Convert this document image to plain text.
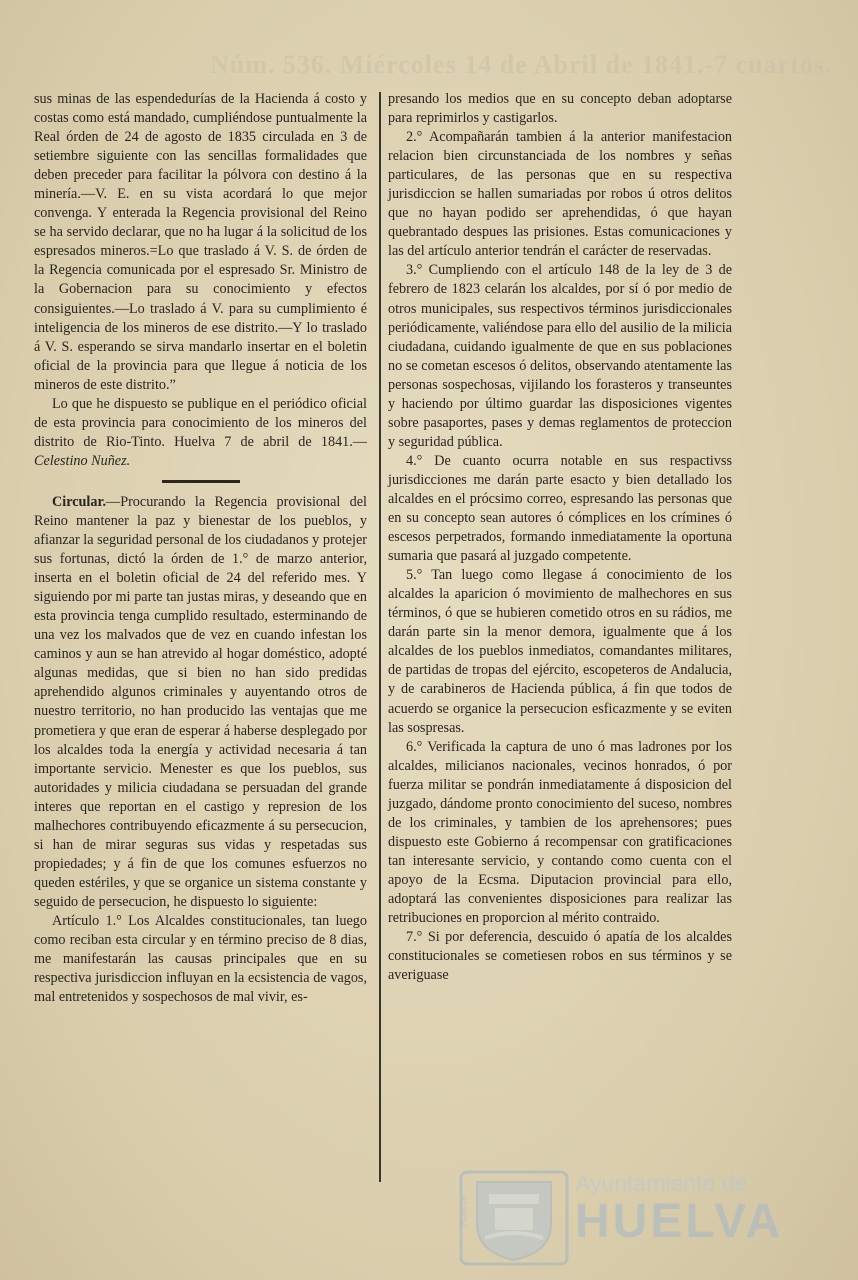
Núm. 536. Miércoles 14 de Abril de 1841.-7 cuartos.

sus minas de las espendedurías de la Hacienda á costo y costas como está mandado, cumpliéndose puntualmente la Real órden de 24 de agosto de 1835 circulada en 3 de setiembre siguiente con las sencillas formalidades que deben preceder para facilitar la pólvora con destino á la minería.—V. E. en su vista acordará lo que mejor convenga. Y enterada la Regencia provisional del Reino se ha servido declarar, que no ha lugar á la solicitud de los espresados mineros.=Lo que traslado á V. S. de órden de la Regencia comunicada por el espresado Sr. Ministro de la Gobernacion para su conocimiento y efectos consiguientes.—Lo traslado á V. para su cumplimiento é inteligencia de los mineros de ese distrito.—Y lo traslado á V. S. esperando se sirva mandarlo insertar en el boletin oficial de la provincia para que llegue á noticia de los mineros de este distrito.”

Lo que he dispuesto se publique en el periódico oficial de esta provincia para conocimiento de los mineros del distrito de Rio-Tinto. Huelva 7 de abril de 1841.—Celestino Nuñez.

Circular.—Procurando la Regencia provisional del Reino mantener la paz y bienestar de los pueblos, y afianzar la seguridad personal de los ciudadanos y protejer sus fortunas, dictó la órden de 1.° de marzo anterior, inserta en el boletin oficial de 24 del referido mes. Y siguiendo por mi parte tan justas miras, y deseando que en esta provincia tenga cumplido resultado, esterminando de una vez los malvados que de vez en cuando infestan los caminos y aun se han atrevido al hogar doméstico, adopté algunas medidas, que si bien no han sido predidas aprehendido algunos criminales y auyentando otros de nuestro territorio, no han producido las ventajas que me prometiera y que eran de esperar á haberse desplegado por los alcaldes toda la energía y actividad necesaria á tan importante servicio. Menester es que los pueblos, sus autoridades y milicia ciudadana se persuadan del grande interes que reportan en el castigo y represion de los malhechores contribuyendo eficazmente á su persecucion, si han de mirar seguras sus vidas y respetadas sus propiedades; y á fin de que los comunes esfuerzos no queden estériles, y que se organice un sistema constante y seguido de persecucion, he dispuesto lo siguiente:

Artículo 1.° Los Alcaldes constitucionales, tan luego como reciban esta circular y en término preciso de 8 dias, me manifestarán las causas principales que en su respectiva jurisdiccion influyan en la ecsistencia de vagos, mal entretenidos y sospechosos de mal vivir, es-

presando los medios que en su concepto deban adoptarse para reprimirlos y castigarlos.

2.° Acompañarán tambien á la anterior manifestacion relacion bien circunstanciada de los nombres y señas particulares, de las personas que en su respectiva jurisdiccion se hallen sumariadas por robos ú otros delitos que no hayan podido ser aprehendidas, ó que hayan quebrantado despues las prisiones. Estas comunicaciones y las del artículo anterior tendrán el carácter de reservadas.

3.° Cumpliendo con el artículo 148 de la ley de 3 de febrero de 1823 celarán los alcaldes, por sí ó por medio de otros municipales, sus respectivos términos jurisdiccionales periódicamente, valiéndose para ello del ausilio de la milicia ciudadana, cuidando igualmente de que en sus poblaciones no se cometan escesos ó delitos, observando atentamente las personas sospechosas, vijilando los forasteros y transeuntes y haciendo por último guardar las disposiciones vigentes sobre pasaportes, pases y demas reglamentos de proteccion y seguridad pública.

4.° De cuanto ocurra notable en sus respactivss jurisdicciones me darán parte esacto y bien detallado los alcaldes en el prócsimo correo, espresando las personas que en su concepto sean autores ó cómplices en los crímines ó escesos perpetrados, formando inmediatamente la oportuna sumaria que pasará al juzgado competente.

5.° Tan luego como llegase á conocimiento de los alcaldes la aparicion ó movimiento de malhechores en sus términos, ó que se hubieren cometido otros en su rádios, me darán parte sin la menor demora, igualmente que á los alcaldes de los pueblos inmediatos, comandantes militares, de partidas de tropas del ejército, escopeteros de Andalucia, y de carabineros de Hacienda pública, á fin que todos de acuerdo se organice la persecucion esficazmente y se eviten las sospresas.

6.° Verificada la captura de uno ó mas ladrones por los alcaldes, milicianos nacionales, vecinos honrados, ó por fuerza militar se pondrán inmediatamente á disposicion del juzgado, dándome pronto conocimiento del suceso, nombres de los criminales, y tambien de los aprehensores; pues dispuesto este Gobierno á recompensar con gratificaciones tan interesante servicio, y contando como cuenta con el apoyo de la Ecsma. Diputacion provincial para ello, adoptará las convenientes disposiciones para realizar las retribuciones en proporcion al mérito contraido.

7.° Si por deferencia, descuido ó apatía de los alcaldes constitucionales se cometiesen robos en sus términos y se averiguase

HUELVA
Ayuntamiento de
HUELVA
